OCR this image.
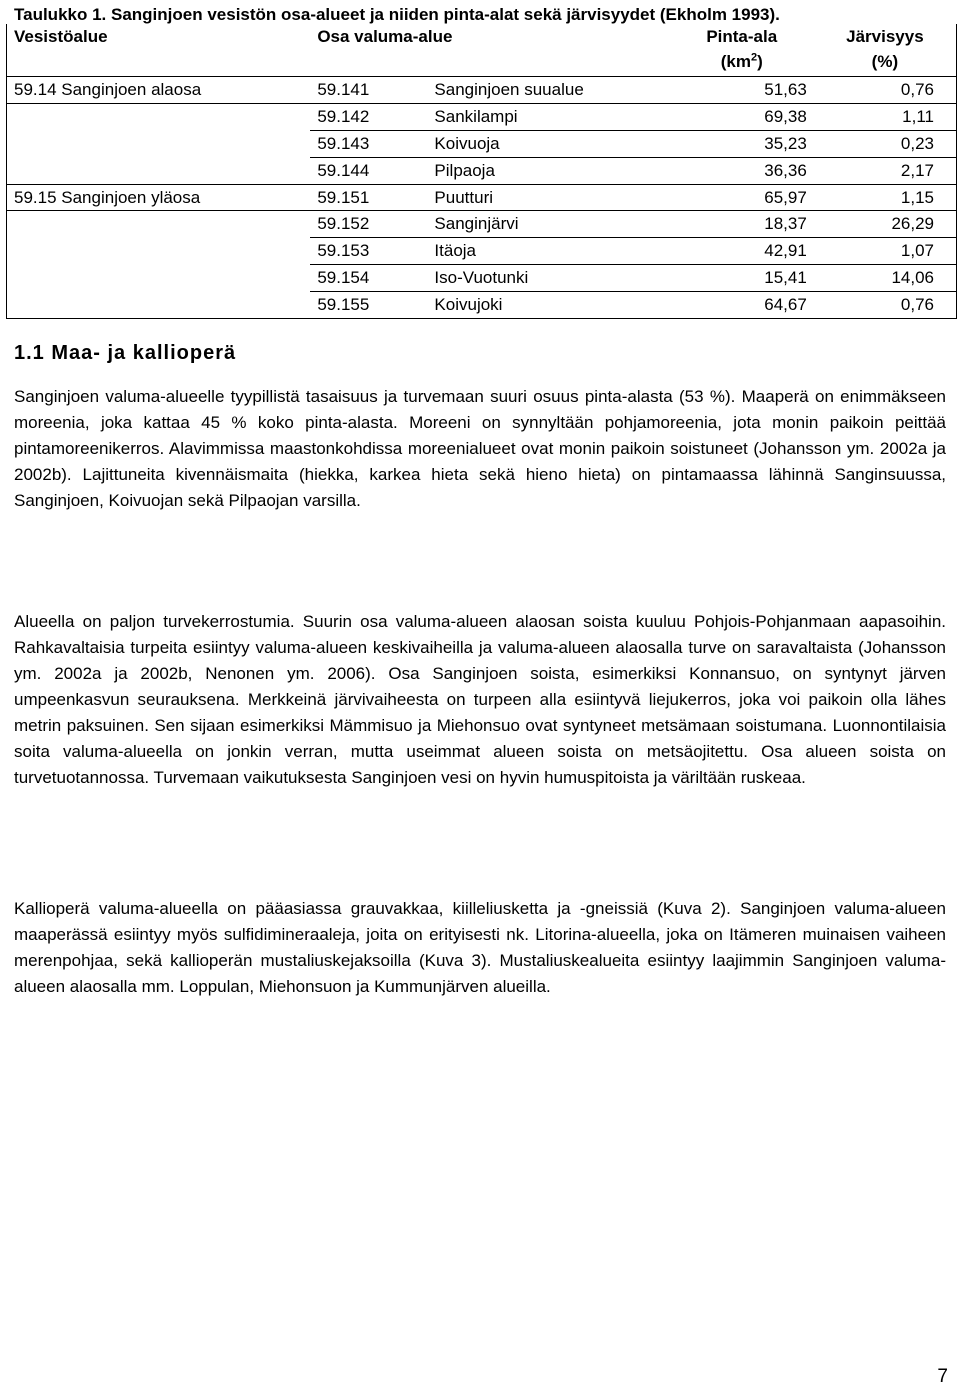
Taulukko 1. Sanginjoen vesistön osa-alueet ja niiden pinta-alat sekä järvisyydet (Ekholm 1993).
Vesistöalue	Osa valuma-alue		Pinta-ala	Järvisyys
			$(km^2)$	(%)
59.14 Sanginjoen alaosa	59.141	Sanginjoen suualue	51,63	0,76
	59.142	Sankilampi	69,38	1,11
	59.143	Koivuoja	35,23	0,23
	59.144	Pilpaoja	36,36	2,17
59.15 Sanginjoen yläosa	59.151	Puutturi	65,97	1,15
	59.152	Sanginjärvi	18,37	26,29
	59.153	Itäoja	42,91	1,07
	59.154	Iso-Vuotunki	15,41	14,06
	59.155	Koivujoki	64,67	0,76
1.1 Maa- ja kallioperä

Sanginjoen valuma-alueelle tyypillistä tasaisuus ja turvemaan suuri osuus pinta-alasta (53 %). Maaperä on enimmäkseen moreenia, joka kattaa 45 % koko pinta-alasta. Moreeni on synnyltään pohjamoreenia, jota monin paikoin peittää pintamoreenikerros. Alavimmissa maastonkohdissa moreenialueet ovat monin paikoin soistuneet (Johansson ym. 2002a ja 2002b). Lajittuneita kivennäismaita (hiekka, karkea hieta sekä hieno hieta) on pintamaassa lähinnä Sanginsuussa, Sanginjoen, Koivuojan sekä Pilpaojan varsilla.

Alueella on paljon turvekerrostumia. Suurin osa valuma-alueen alaosan soista kuuluu Pohjois-Pohjanmaan aapasoihin. Rahkavaltaisia turpeita esiintyy valuma-alueen keskivaiheilla ja valuma-alueen alaosalla turve on saravaltaista (Johansson ym. 2002a ja 2002b, Nenonen ym. 2006). Osa Sanginjoen soista, esimerkiksi Konnansuo, on syntynyt järven umpeenkasvun seurauksena. Merkkeinä järvivaiheesta on turpeen alla esiintyvä liejukerros, joka voi paikoin olla lähes metrin paksuinen. Sen sijaan esimerkiksi Mämmisuo ja Miehonsuo ovat syntyneet metsämaan soistumana. Luonnontilaisia soita valuma-alueella on jonkin verran, mutta useimmat alueen soista on metsäojitettu. Osa alueen soista on turvetuotannossa. Turvemaan vaikutuksesta Sanginjoen vesi on hyvin humuspitoista ja väriltään ruskeaa.

Kallioperä valuma-alueella on pääasiassa grauvakkaa, kiilleliusketta ja -gneissiä (Kuva 2). Sanginjoen valuma-alueen maaperässä esiintyy myös sulfidimineraaleja, joita on erityisesti nk. Litorina-alueella, joka on Itämeren muinaisen vaiheen merenpohjaa, sekä kallioperän mustaliuskejaksoilla (Kuva 3). Mustaliuskealueita esiintyy laajimmin Sanginjoen valuma-alueen alaosalla mm. Loppulan, Miehonsuon ja Kummunjärven alueilla.

7
